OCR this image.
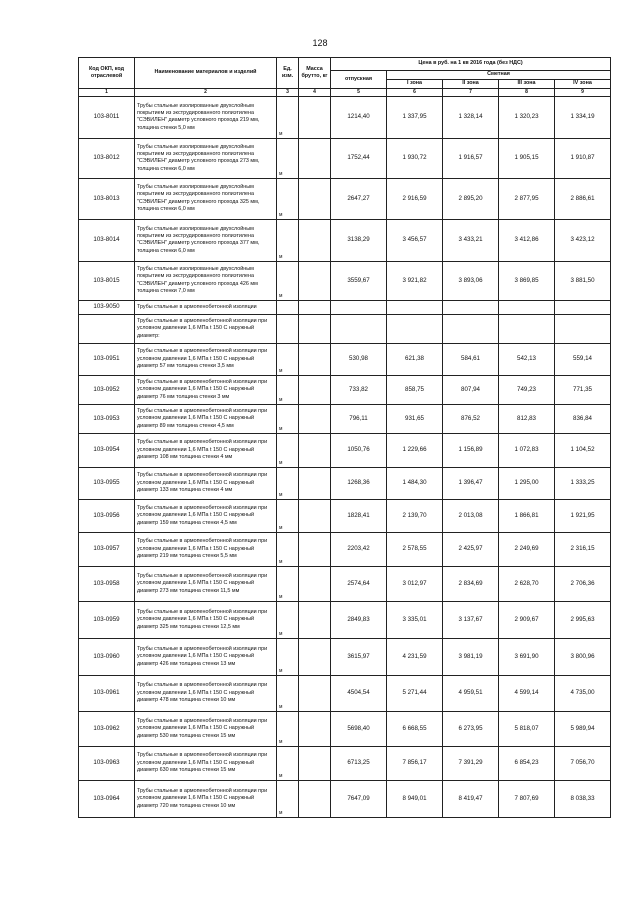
128
Код ОКП, код отраслевой	Наименование материалов и изделий	Ед. изм.	Масса брутто, кг	Цена в руб. на 1 кв 2016 года (без НДС)				
				отпускная	Сметная			
					I зона	II зона	III зона	IV зона
1	2	3	4	5	6	7	8	9
103-8011	Трубы стальные изолированные двухслойным покрытием из экструдированного полиэтилена "СЭВИЛЕН" диаметр условного прохода 219 мм, толщина стенки 5,0 мм	м		1214,40	1 337,95	1 328,14	1 320,23	1 334,19
103-8012	Трубы стальные изолированные двухслойным покрытием из экструдированного полиэтилена "СЭВИЛЕН" диаметр условного прохода 273 мм, толщина стенки 6,0 мм	м		1752,44	1 930,72	1 916,57	1 905,15	1 910,87
103-8013	Трубы стальные изолированные двухслойным покрытием из экструдированного полиэтилена "СЭВИЛЕН" диаметр условного прохода 325 мм, толщина стенки 6,0 мм	м		2647,27	2 916,59	2 895,20	2 877,95	2 886,61
103-8014	Трубы стальные изолированные двухслойным покрытием из экструдированного полиэтилена "СЭВИЛЕН" диаметр условного прохода 377 мм, толщина стенки 6,0 мм	м		3138,29	3 456,57	3 433,21	3 412,86	3 423,12
103-8015	Трубы стальные изолированные двухслойным покрытием из экструдированного полиэтилена "СЭВИЛЕН" диаметр условного прохода 426 мм толщина стенки 7,0 мм	м		3559,67	3 921,82	3 893,06	3 869,85	3 881,50
103-9050	Трубы стальные в армопенобетонной изоляции							
	Трубы стальные в армопенобетонной изоляции при условном давлении 1,6 МПа t 150 С наружный диаметр:							
103-0951	Трубы стальные в армопенобетонной изоляции при условном давлении 1,6 МПа t 150 С наружный диаметр 57 мм толщина стенки 3,5 мм	м		530,98	621,38	584,61	542,13	559,14
103-0952	Трубы стальные в армопенобетонной изоляции при условном давлении 1,6 МПа t 150 С наружный диаметр 76 мм толщина стенки 3 мм	м		733,82	858,75	807,94	749,23	771,35
103-0953	Трубы стальные в армопенобетонной изоляции при условном давлении 1,6 МПа t 150 С наружный диаметр 89 мм толщина стенки 4,5 мм	м		796,11	931,65	876,52	812,83	836,84
103-0954	Трубы стальные в армопенобетонной изоляции при условном давлении 1,6 МПа t 150 С наружный диаметр 108 мм толщина стенки 4 мм	м		1050,76	1 229,66	1 156,89	1 072,83	1 104,52
103-0955	Трубы стальные в армопенобетонной изоляции при условном давлении 1,6 МПа t 150 С наружный диаметр 133 мм толщина стенки 4 мм	м		1268,36	1 484,30	1 396,47	1 295,00	1 333,25
103-0956	Трубы стальные в армопенобетонной изоляции при условном давлении 1,6 МПа t 150 С наружный диаметр 159 мм толщина стенки 4,5 мм	м		1828,41	2 139,70	2 013,08	1 866,81	1 921,95
103-0957	Трубы стальные в армопенобетонной изоляции при условном давлении 1,6 МПа t 150 С наружный диаметр 219 мм толщина стенки 5,5 мм	м		2203,42	2 578,55	2 425,97	2 249,69	2 316,15
103-0958	Трубы стальные в армопенобетонной изоляции при условном давлении 1,6 МПа t 150 С наружный диаметр 273 мм толщина стенки 11,5 мм	м		2574,64	3 012,97	2 834,69	2 628,70	2 706,36
103-0959	Трубы стальные в армопенобетонной изоляции при условном давлении 1,6 МПа t 150 С наружный диаметр 325 мм толщина стенки 12,5 мм	м		2849,83	3 335,01	3 137,67	2 909,67	2 995,63
103-0960	Трубы стальные в армопенобетонной изоляции при условном давлении 1,6 МПа t 150 С наружный диаметр 426 мм толщина стенки 13 мм	м		3615,97	4 231,59	3 981,19	3 691,90	3 800,96
103-0961	Трубы стальные в армопенобетонной изоляции при условном давлении 1,6 МПа t 150 С наружный диаметр 478 мм толщина стенки 10 мм	м		4504,54	5 271,44	4 959,51	4 599,14	4 735,00
103-0962	Трубы стальные в армопенобетонной изоляции при условном давлении 1,6 МПа t 150 С наружный диаметр 530 мм толщина стенки 15 мм	м		5698,40	6 668,55	6 273,95	5 818,07	5 989,94
103-0963	Трубы стальные в армопенобетонной изоляции при условном давлении 1,6 МПа t 150 С наружный диаметр 630 мм толщина стенки 15 мм	м		6713,25	7 856,17	7 391,29	6 854,23	7 056,70
103-0964	Трубы стальные в армопенобетонной изоляции при условном давлении 1,6 МПа t 150 С наружный диаметр 720 мм толщина стенки 10 мм	м		7647,09	8 949,01	8 419,47	7 807,69	8 038,33
